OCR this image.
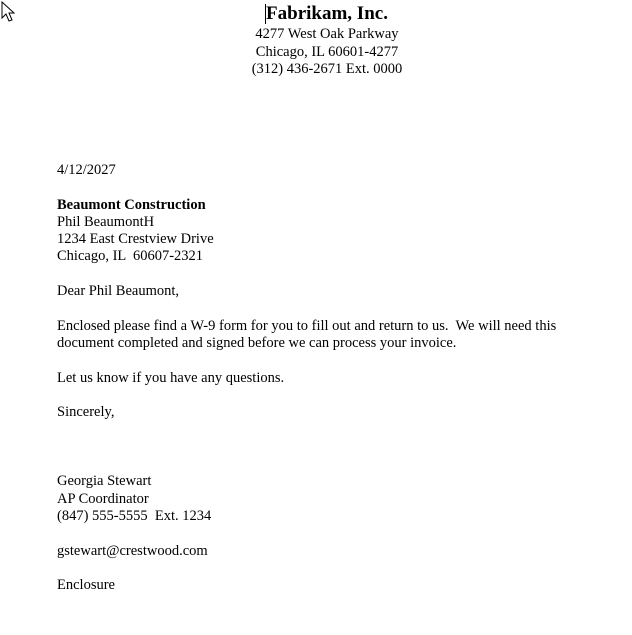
Fabrikam, Inc.
4277 West Oak Parkway
Chicago, IL 60601-4277
(312) 436-2671 Ext. 0000
4/12/2027
Beaumont Construction
Phil BeaumontH
1234 East Crestview Drive
Chicago, IL  60607-2321
Dear Phil Beaumont,
Enclosed please find a W-9 form for you to fill out and return to us.  We will need this
document completed and signed before we can process your invoice.
Let us know if you have any questions.
Sincerely,
Georgia Stewart
AP Coordinator
(847) 555-5555  Ext. 1234
gstewart@crestwood.com
Enclosure
